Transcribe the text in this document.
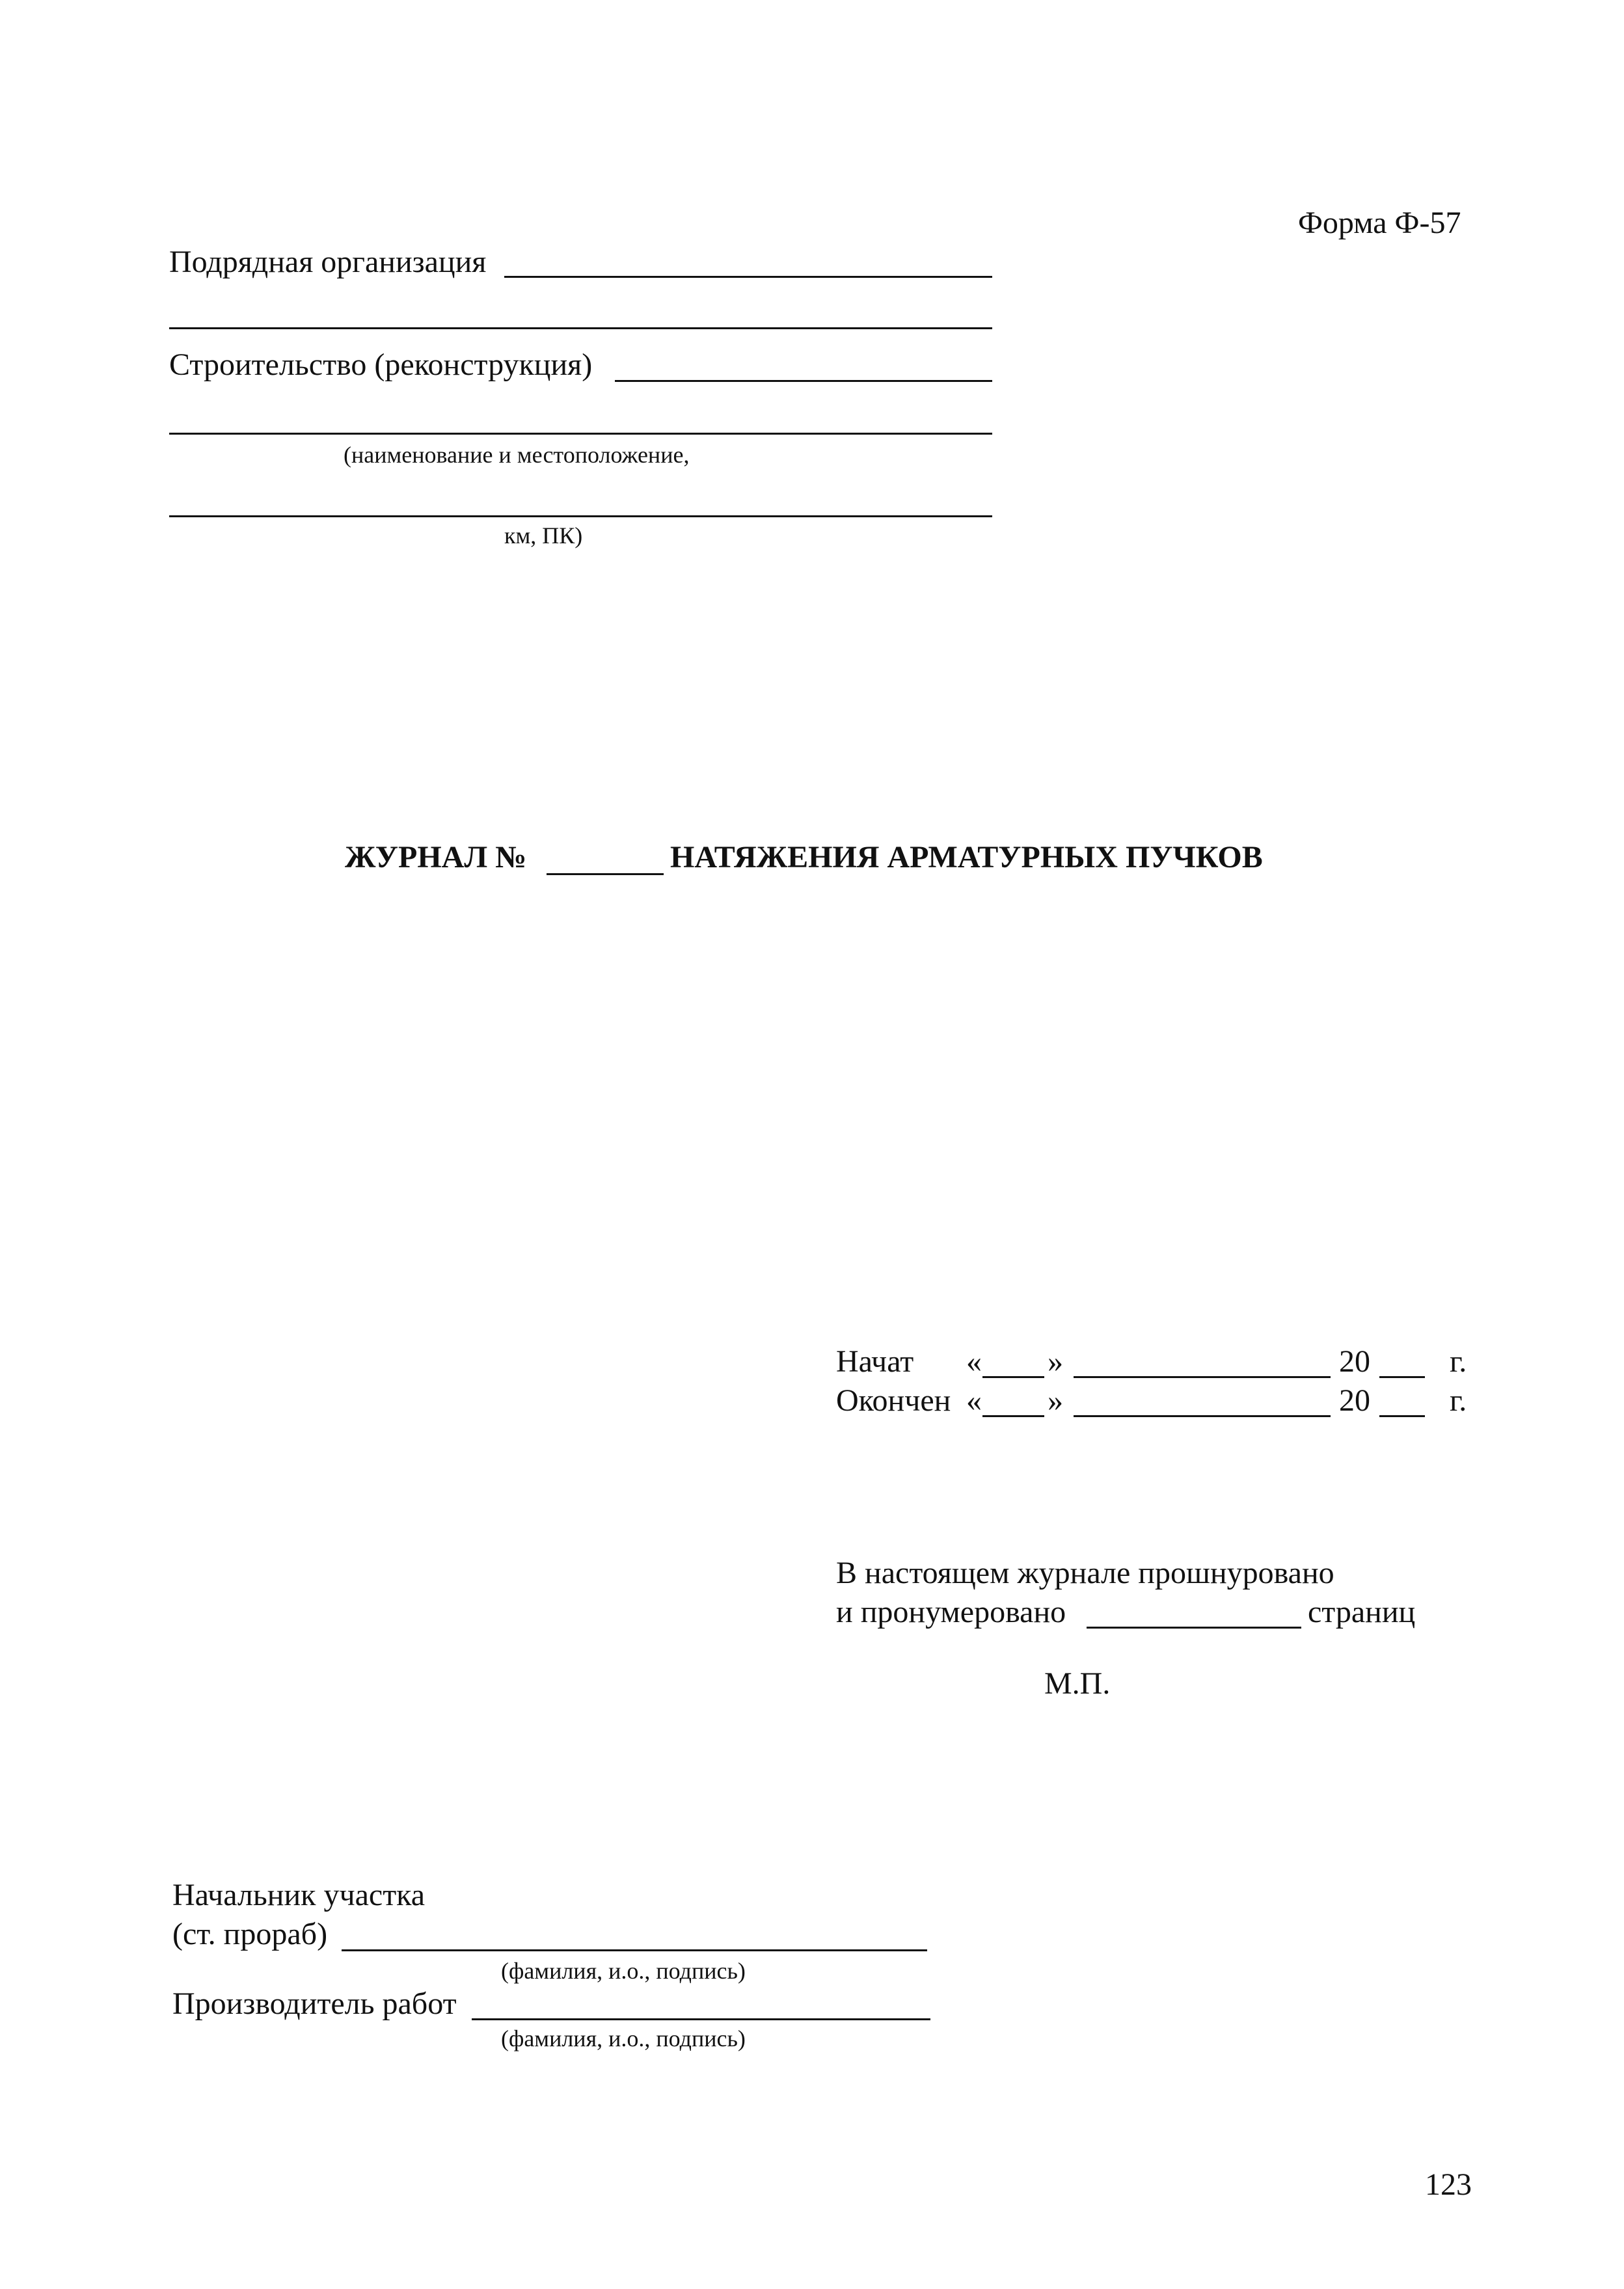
Форма Ф-57
Подрядная организация
Строительство (реконструкция)
(наименование и местоположение,
км, ПК)
ЖУРНАЛ №	НАТЯЖЕНИЯ АРМАТУРНЫХ ПУЧКОВ
Начат « »	20	г.
Окончен « »	20	г.
В настоящем журнале прошнуровано
и пронумеровано	страниц
М.П.
Начальник участка
(ст. прораб)
(фамилия, и.о., подпись)
Производитель работ
(фамилия, и.о., подпись)
123
